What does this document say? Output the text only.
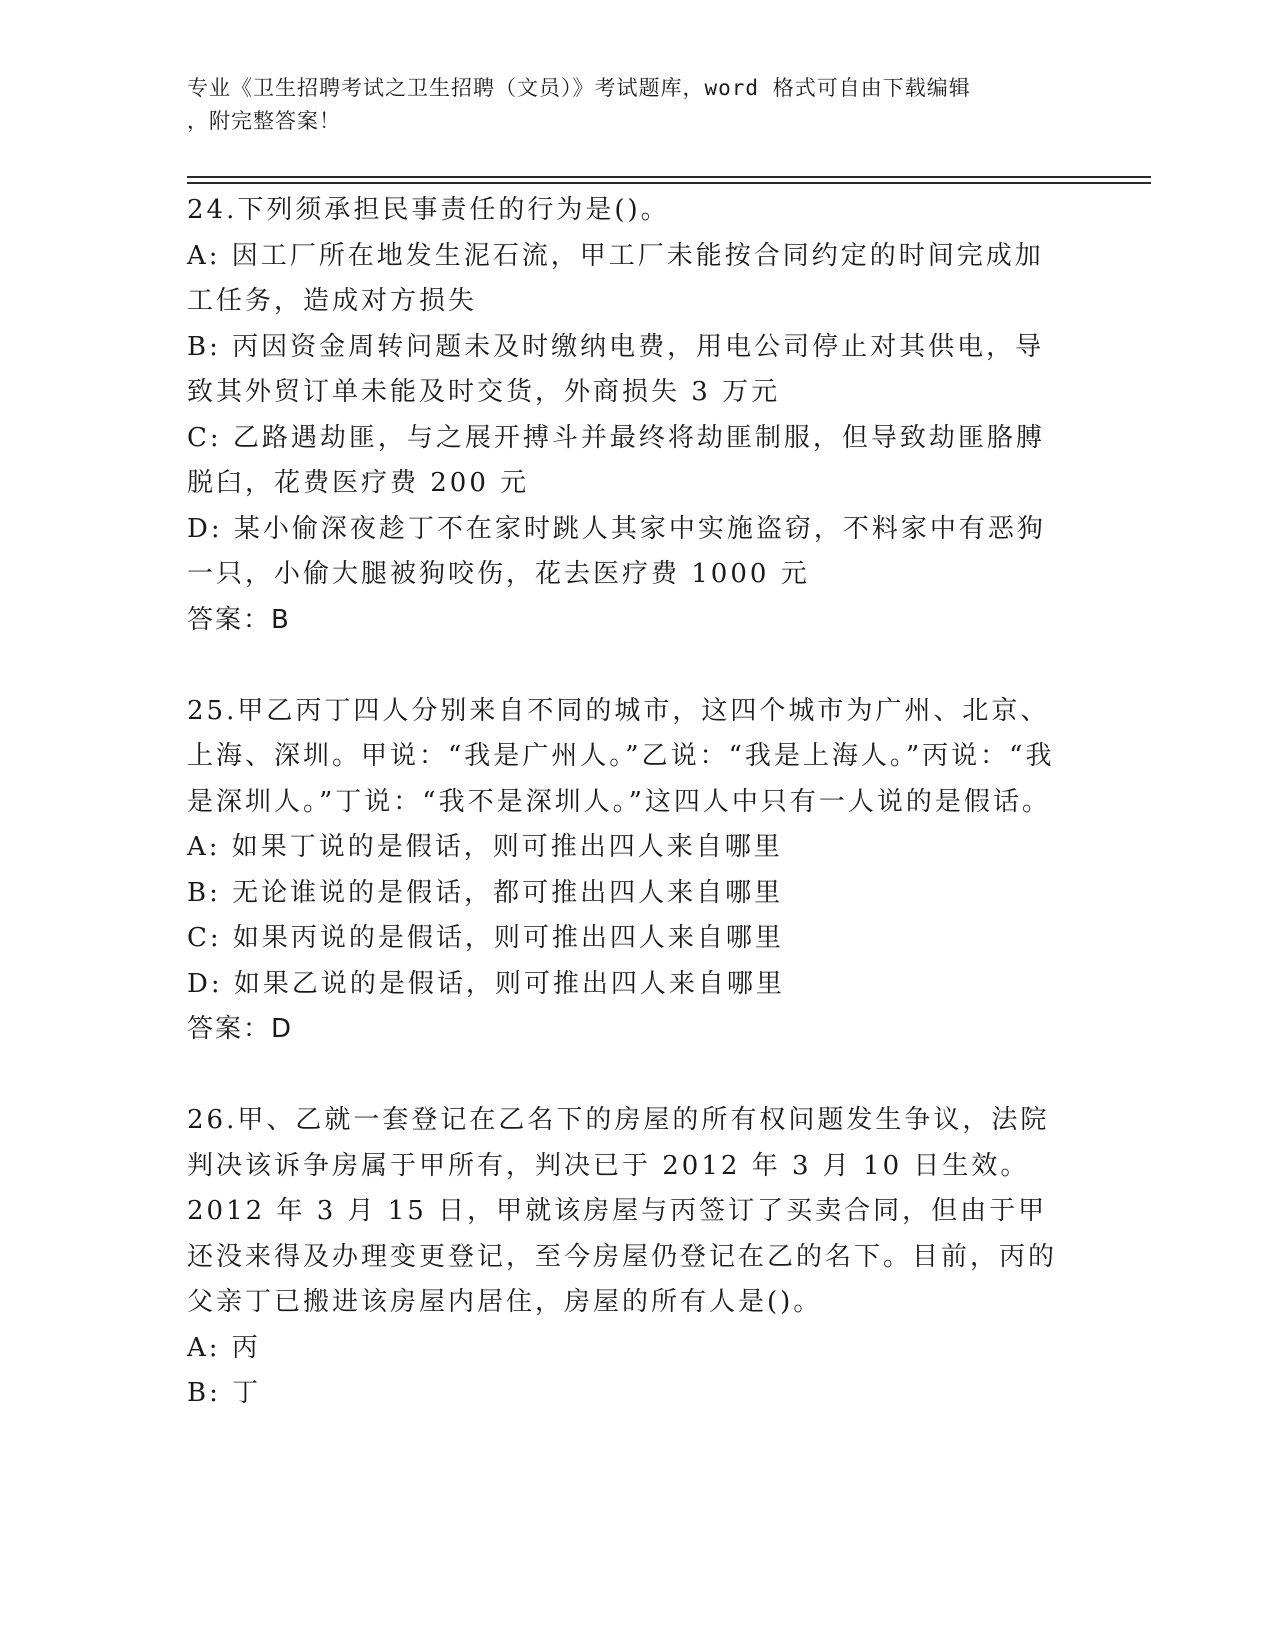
专业《卫生招聘考试之卫生招聘（文员）》考试题库，word 格式可自由下载编辑
，附完整答案！

24.下列须承担民事责任的行为是()。

A: 因工厂所在地发生泥石流，甲工厂未能按合同约定的时间完成加工任务，造成对方损失

B: 丙因资金周转问题未及时缴纳电费，用电公司停止对其供电，导致其外贸订单未能及时交货，外商损失 3 万元

C: 乙路遇劫匪，与之展开搏斗并最终将劫匪制服，但导致劫匪胳膊脱臼，花费医疗费 200 元

D: 某小偷深夜趁丁不在家时跳人其家中实施盗窃，不料家中有恶狗一只，小偷大腿被狗咬伤，花去医疗费 1000 元

答案：B

25.甲乙丙丁四人分别来自不同的城市，这四个城市为广州、北京、上海、深圳。甲说：“我是广州人。”乙说：“我是上海人。”丙说：“我是深圳人。”丁说：“我不是深圳人。”这四人中只有一人说的是假话。

A: 如果丁说的是假话，则可推出四人来自哪里

B: 无论谁说的是假话，都可推出四人来自哪里

C: 如果丙说的是假话，则可推出四人来自哪里

D: 如果乙说的是假话，则可推出四人来自哪里

答案：D

26.甲、乙就一套登记在乙名下的房屋的所有权问题发生争议，法院判决该诉争房属于甲所有，判决已于 2012 年 3 月 10 日生效。2012 年 3 月 15 日，甲就该房屋与丙签订了买卖合同，但由于甲还没来得及办理变更登记，至今房屋仍登记在乙的名下。目前，丙的父亲丁已搬进该房屋内居住，房屋的所有人是()。

A: 丙

B: 丁
